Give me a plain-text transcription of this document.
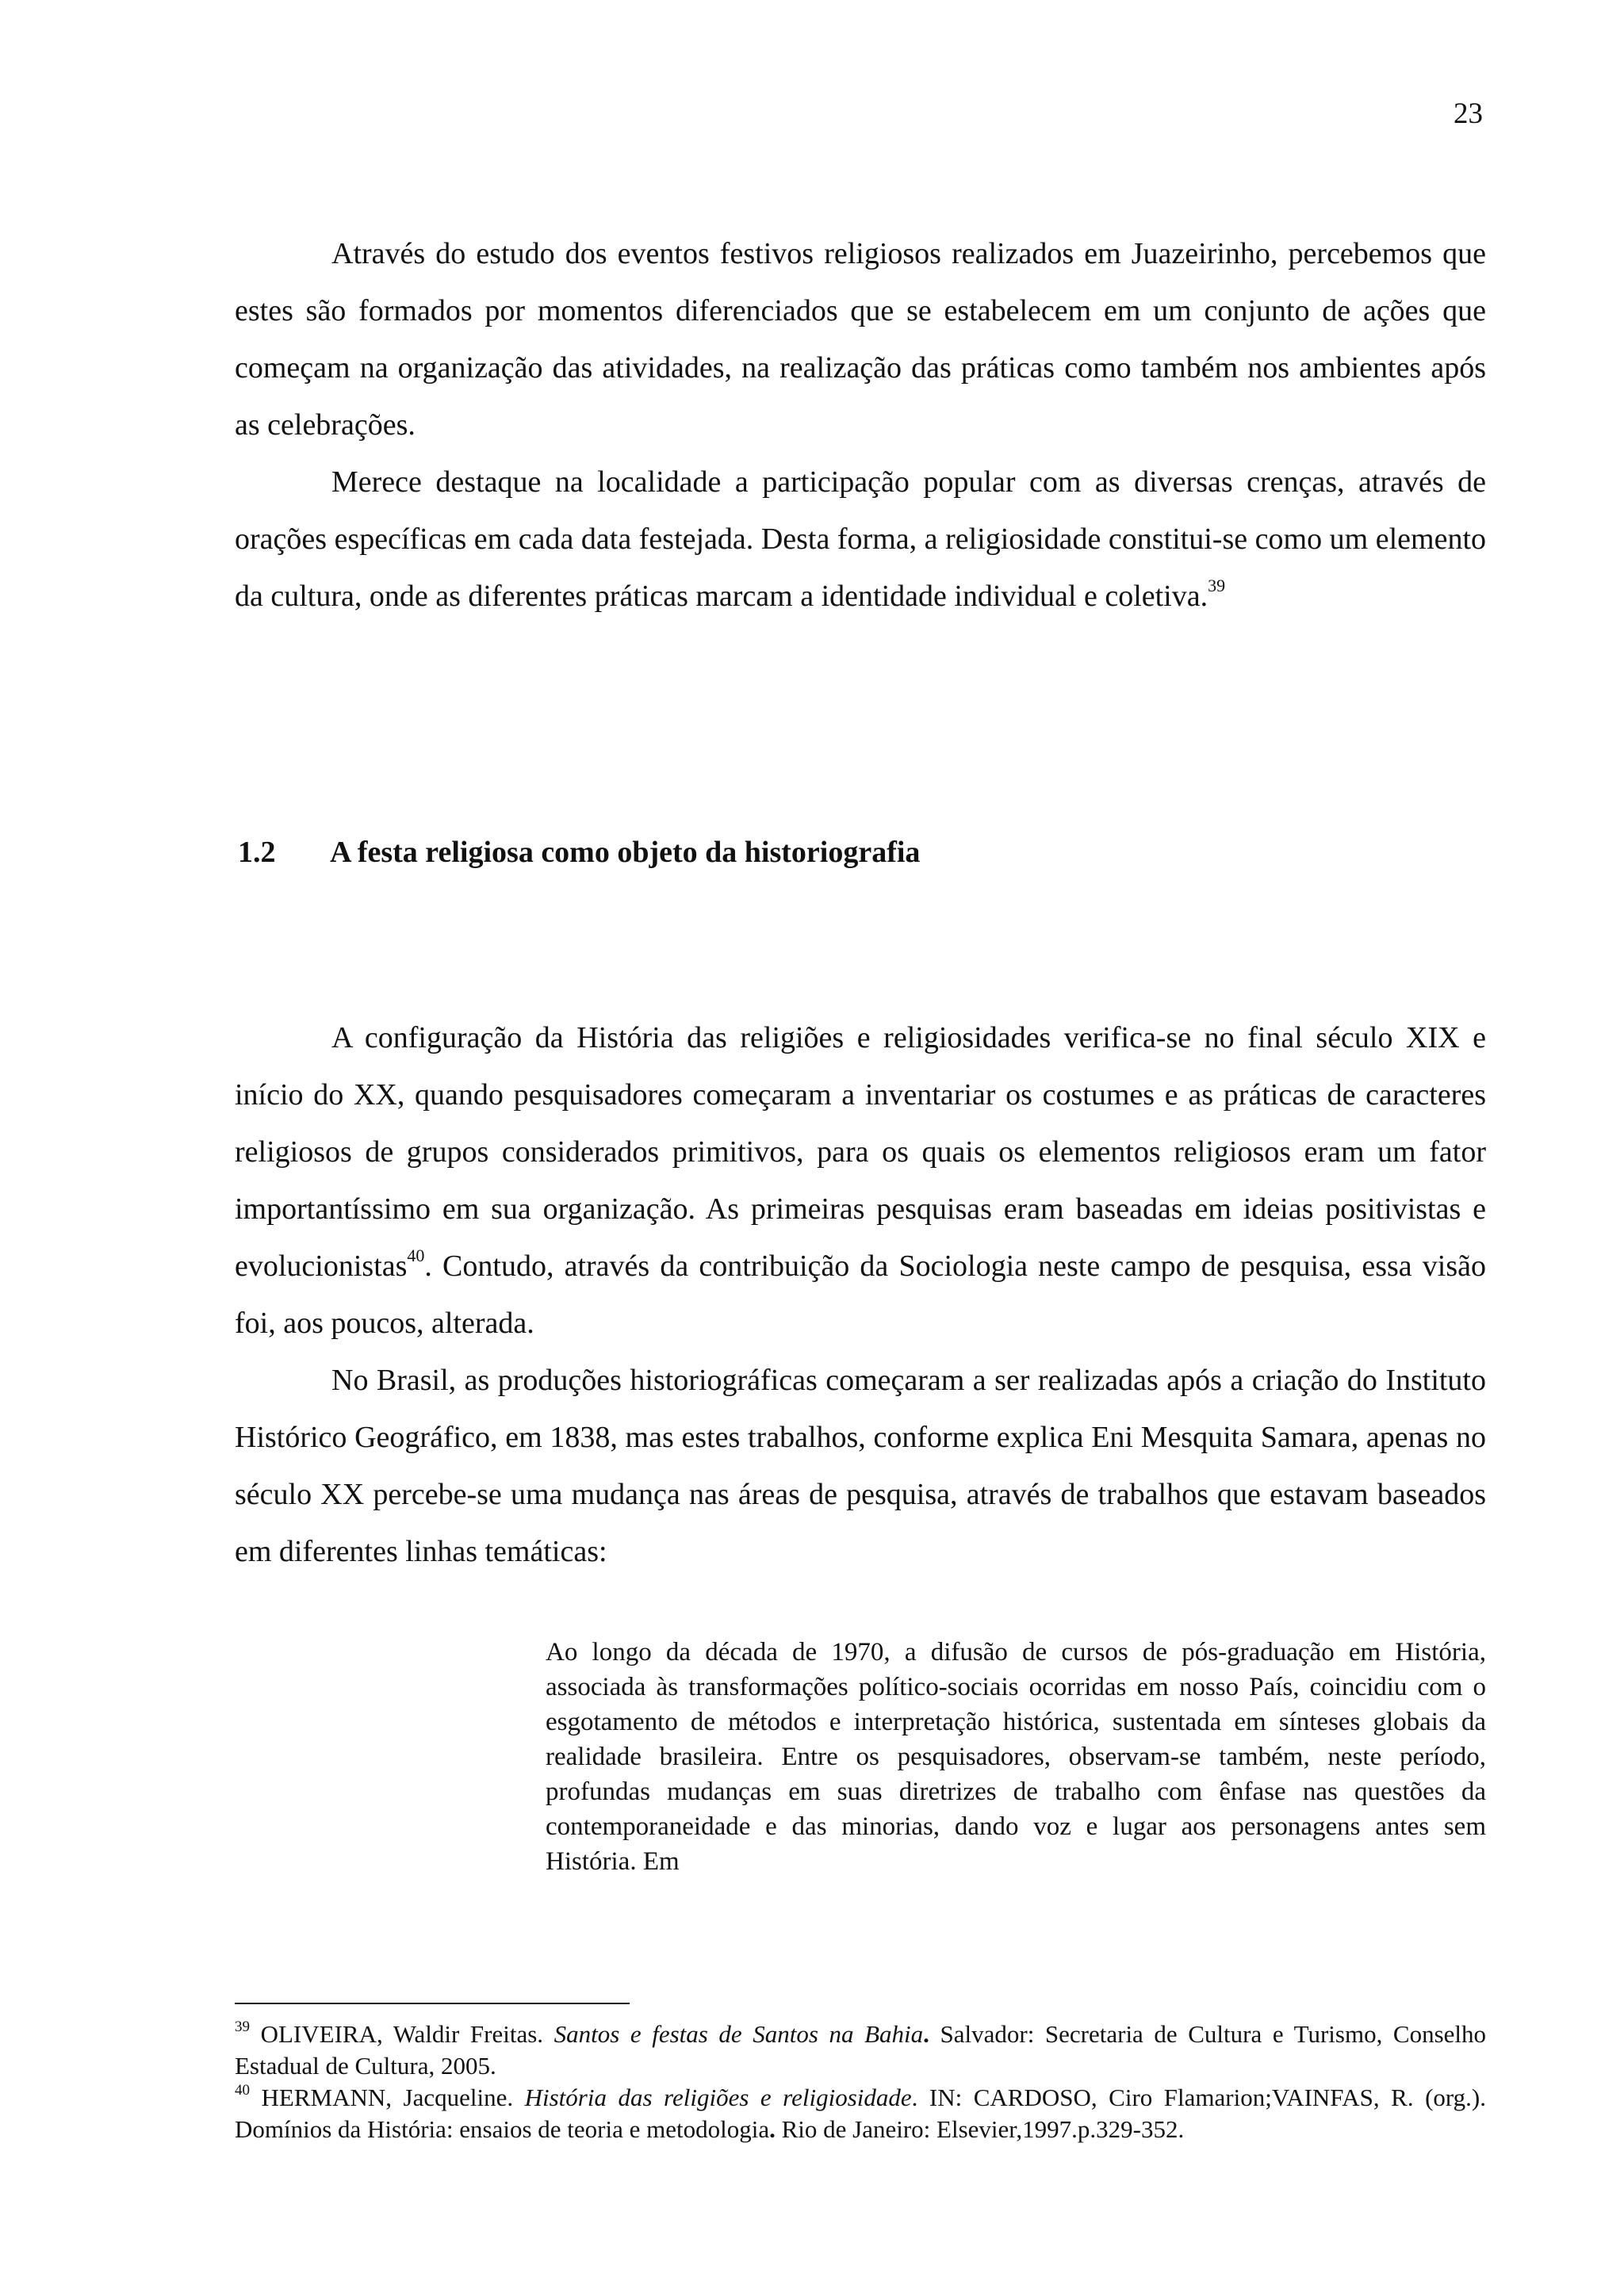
23

Através do estudo dos eventos festivos religiosos realizados em Juazeirinho, percebemos que estes são formados por momentos diferenciados que se estabelecem em um conjunto de ações que começam na organização das atividades, na realização das práticas como também nos ambientes após as celebrações.

Merece destaque na localidade a participação popular com as diversas crenças, através de orações específicas em cada data festejada. Desta forma, a religiosidade constitui-se como um elemento da cultura, onde as diferentes práticas marcam a identidade individual e coletiva.$^{39}$

1.2 A festa religiosa como objeto da historiografia

A configuração da História das religiões e religiosidades verifica-se no final século XIX e início do XX, quando pesquisadores começaram a inventariar os costumes e as práticas de caracteres religiosos de grupos considerados primitivos, para os quais os elementos religiosos eram um fator importantíssimo em sua organização. As primeiras pesquisas eram baseadas em ideias positivistas e evolucionistas$^{40}$. Contudo, através da contribuição da Sociologia neste campo de pesquisa, essa visão foi, aos poucos, alterada.

No Brasil, as produções historiográficas começaram a ser realizadas após a criação do Instituto Histórico Geográfico, em 1838, mas estes trabalhos, conforme explica Eni Mesquita Samara, apenas no século XX percebe-se uma mudança nas áreas de pesquisa, através de trabalhos que estavam baseados em diferentes linhas temáticas:

Ao longo da década de 1970, a difusão de cursos de pós-graduação em História, associada às transformações político-sociais ocorridas em nosso País, coincidiu com o esgotamento de métodos e interpretação histórica, sustentada em sínteses globais da realidade brasileira. Entre os pesquisadores, observam-se também, neste período, profundas mudanças em suas diretrizes de trabalho com ênfase nas questões da contemporaneidade e das minorias, dando voz e lugar aos personagens antes sem História. Em

$^{39}$ OLIVEIRA, Waldir Freitas. Santos e festas de Santos na Bahia. Salvador: Secretaria de Cultura e Turismo, Conselho Estadual de Cultura, 2005.

$^{40}$ HERMANN, Jacqueline. História das religiões e religiosidade. IN: CARDOSO, Ciro Flamarion;VAINFAS, R. (org.). Domínios da História: ensaios de teoria e metodologia. Rio de Janeiro: Elsevier,1997.p.329-352.
